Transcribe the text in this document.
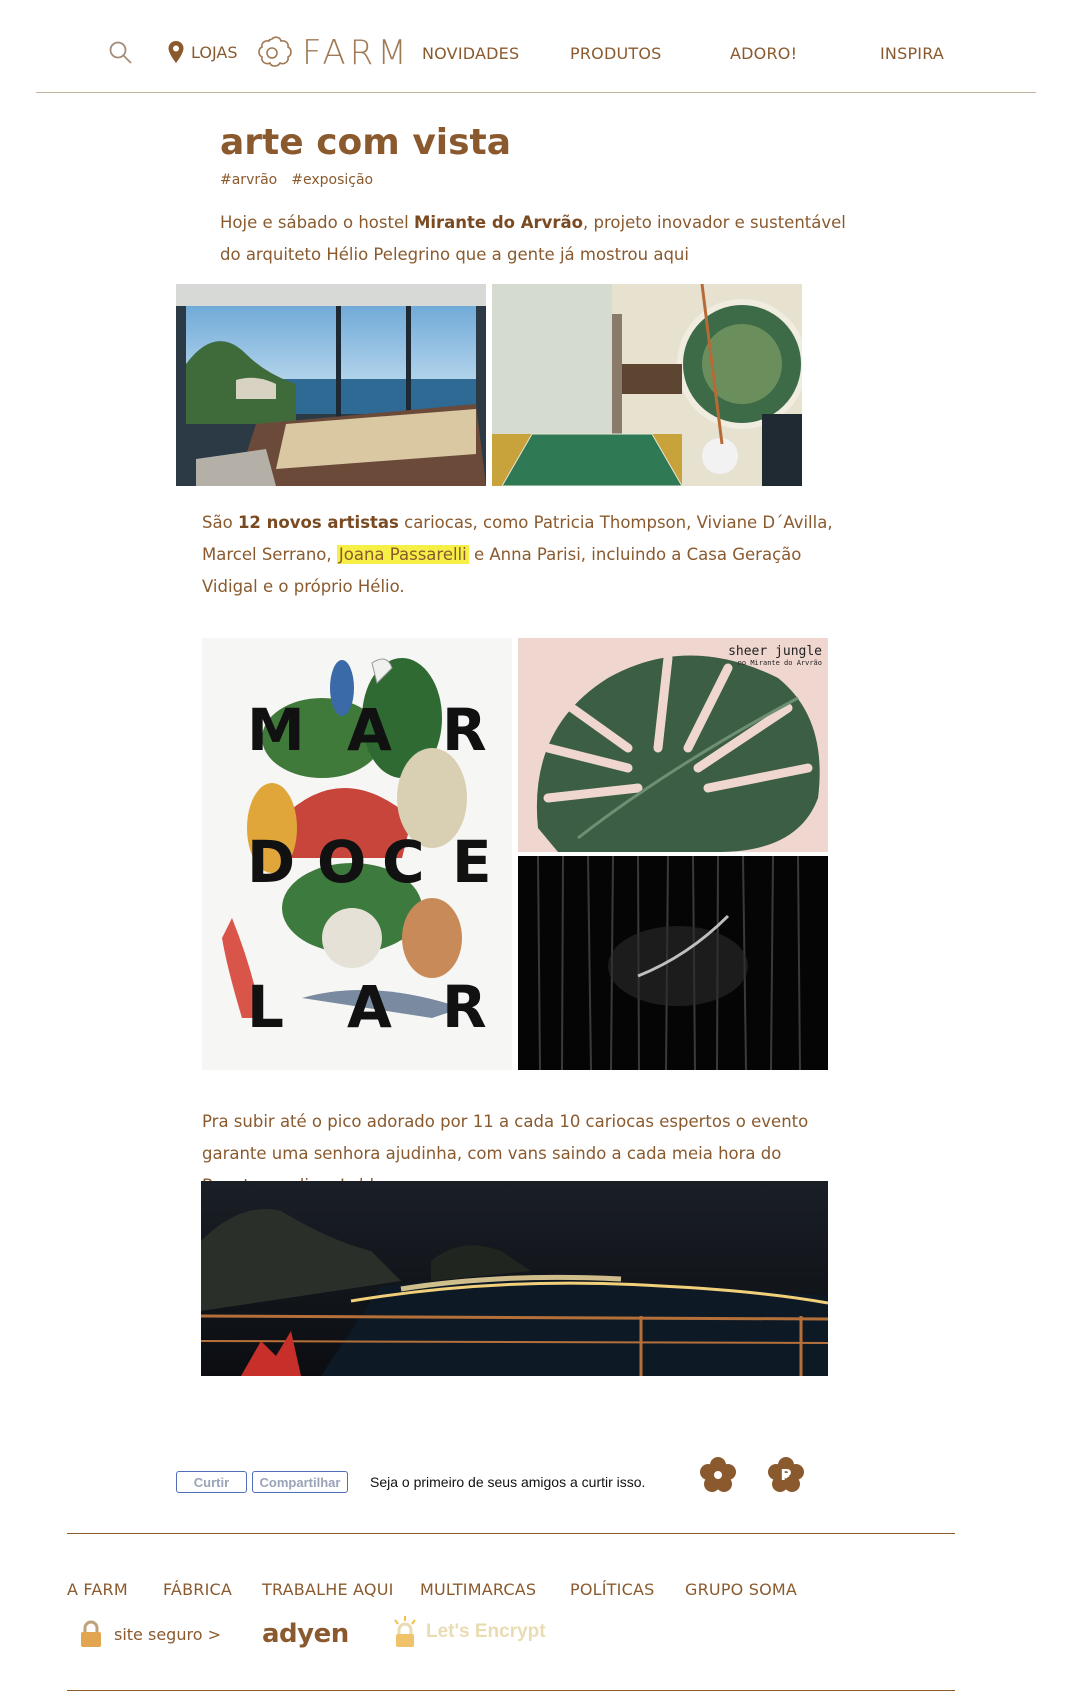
LOJAS FARM NOVIDADES	PRODUTOS	ADORO!	INSPIRA
arte com vista
#arvrão #exposição
Hoje e sábado o hostel Mirante do Arvrão, projeto inovador e sustentável do arquiteto Hélio Pelegrino que a gente já mostrou aqui
São 12 novos artistas cariocas, como Patricia Thompson, Viviane D´Avilla, Marcel Serrano, Joana Passarelli e Anna Parisi, incluindo a Casa Geração Vidigal e o próprio Hélio.
M A R
D O C E
L A R
sheer jungle
no Mirante do Arvrão
Pra subir até o pico adorado por 11 a cada 10 cariocas espertos o evento garante uma senhora ajudinha, com vans saindo a cada meia hora do
Curtir	Compartilhar	Seja o primeiro de seus amigos a curtir isso.	P
A FARM FÁBRICA TRABALHE AQUI MULTIMARCAS POLÍTICAS GRUPO SOMA
site seguro > adyen	Let's Encrypt
